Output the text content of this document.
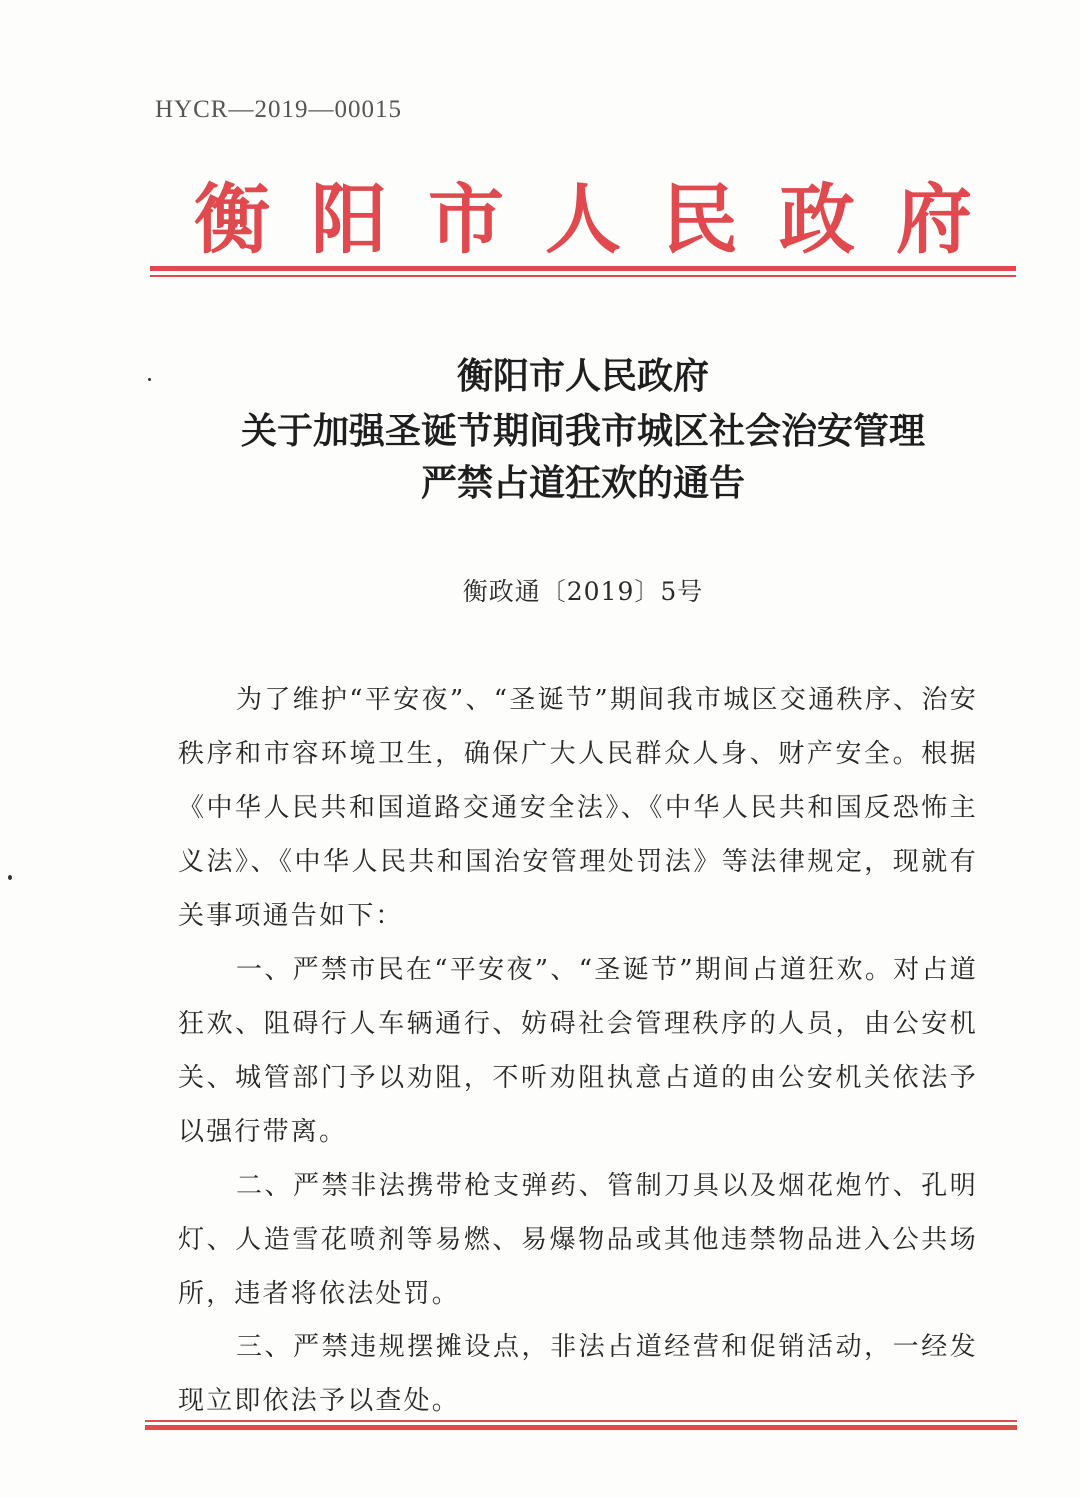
HYCR—2019—00015
衡阳市人民政府
衡阳市人民政府
关于加强圣诞节期间我市城区社会治安管理
严禁占道狂欢的通告
衡政通〔2019〕5号

为了维护“平安夜”、“圣诞节”期间我市城区交通秩序、治安秩序和市容环境卫生，确保广大人民群众人身、财产安全。根据《中华人民共和国道路交通安全法》、《中华人民共和国反恐怖主义法》、《中华人民共和国治安管理处罚法》等法律规定，现就有关事项通告如下：

一、严禁市民在“平安夜”、“圣诞节”期间占道狂欢。对占道狂欢、阻碍行人车辆通行、妨碍社会管理秩序的人员，由公安机关、城管部门予以劝阻，不听劝阻执意占道的由公安机关依法予以强行带离。

二、严禁非法携带枪支弹药、管制刀具以及烟花炮竹、孔明灯、人造雪花喷剂等易燃、易爆物品或其他违禁物品进入公共场所，违者将依法处罚。

三、严禁违规摆摊设点，非法占道经营和促销活动，一经发现立即依法予以查处。
